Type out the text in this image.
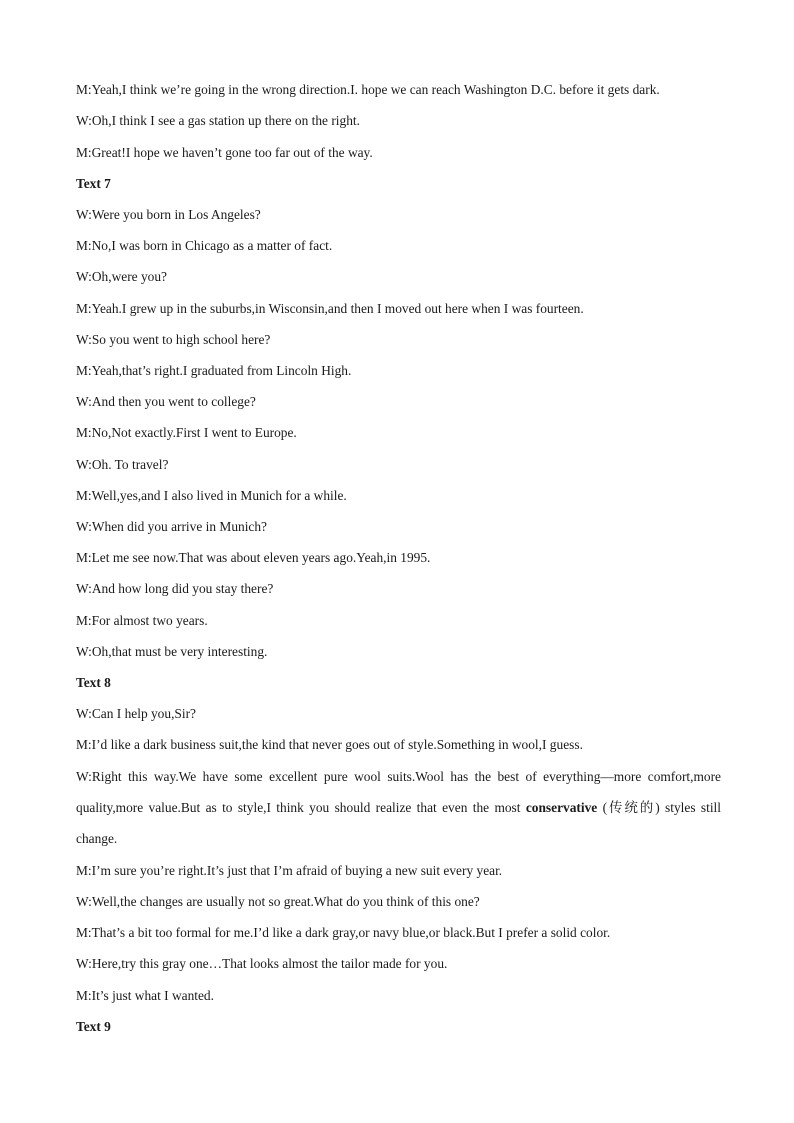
M:Yeah,I think we’re going in the wrong direction.I. hope we can reach Washington D.C. before it gets dark.
W:Oh,I think I see a gas station up there on the right.
M:Great!I hope we haven’t gone too far out of the way.
Text 7
W:Were you born in Los Angeles?
M:No,I was born in Chicago as a matter of fact.
W:Oh,were you?
M:Yeah.I grew up in the suburbs,in Wisconsin,and then I moved out here when I was fourteen.
W:So you went to high school here?
M:Yeah,that’s right.I graduated from Lincoln High.
W:And then you went to college?
M:No,Not exactly.First I went to Europe.
W:Oh. To travel?
M:Well,yes,and I also lived in Munich for a while.
W:When did you arrive in Munich?
M:Let me see now.That was about eleven years ago.Yeah,in 1995.
W:And how long did you stay there?
M:For almost two years.
W:Oh,that must be very interesting.
Text 8
W:Can I help you,Sir?
M:I’d like a dark business suit,the kind that never goes out of style.Something in wool,I guess.
W:Right this way.We have some excellent pure wool suits.Wool has the best of everything—more comfort,more quality,more value.But as to style,I think you should realize that even the most conservative (传统的) styles still change.
M:I’m sure you’re right.It’s just that I’m afraid of buying a new suit every year.
W:Well,the changes are usually not so great.What do you think of this one?
M:That’s a bit too formal for me.I’d like a dark gray,or navy blue,or black.But I prefer a solid color.
W:Here,try this gray one…That looks almost the tailor made for you.
M:It’s just what I wanted.
Text 9
